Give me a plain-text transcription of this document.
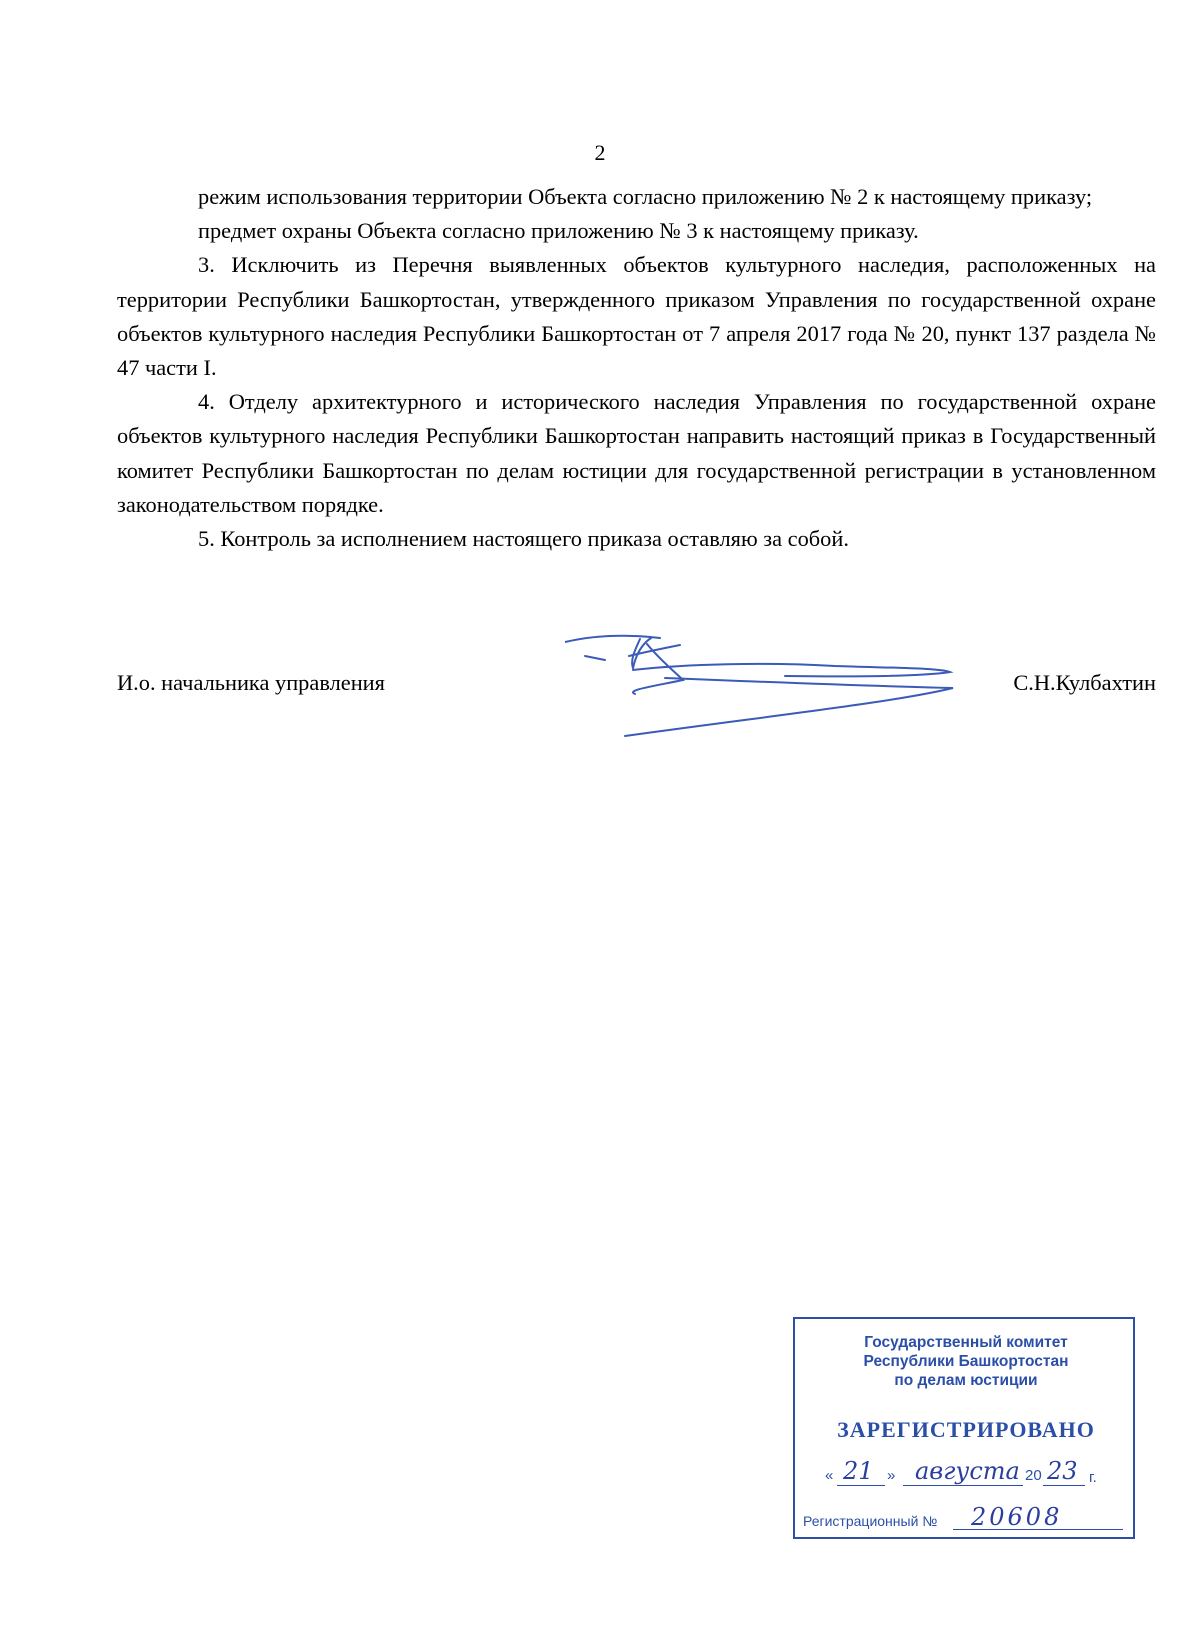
2

режим использования территории Объекта согласно приложению № 2 к настоящему приказу;

предмет охраны Объекта согласно приложению № 3 к настоящему приказу.

3. Исключить из Перечня выявленных объектов культурного наследия, расположенных на территории Республики Башкортостан, утвержденного приказом Управления по государственной охране объектов культурного наследия Республики Башкортостан от 7 апреля 2017 года № 20, пункт 137 раздела № 47 части I.

4. Отделу архитектурного и исторического наследия Управления по государственной охране объектов культурного наследия Республики Башкортостан направить настоящий приказ в Государственный комитет Республики Башкортостан по делам юстиции для государственной регистрации в установленном законодательством порядке.

5. Контроль за исполнением настоящего приказа оставляю за собой.

И.о. начальника управления	С.Н.Кулбахтин
Государственный комитет
Республики Башкортостан
по делам юстиции
ЗАРЕГИСТРИРОВАНО
« 21 » августа 20 23 г.
Регистрационный № 20608
